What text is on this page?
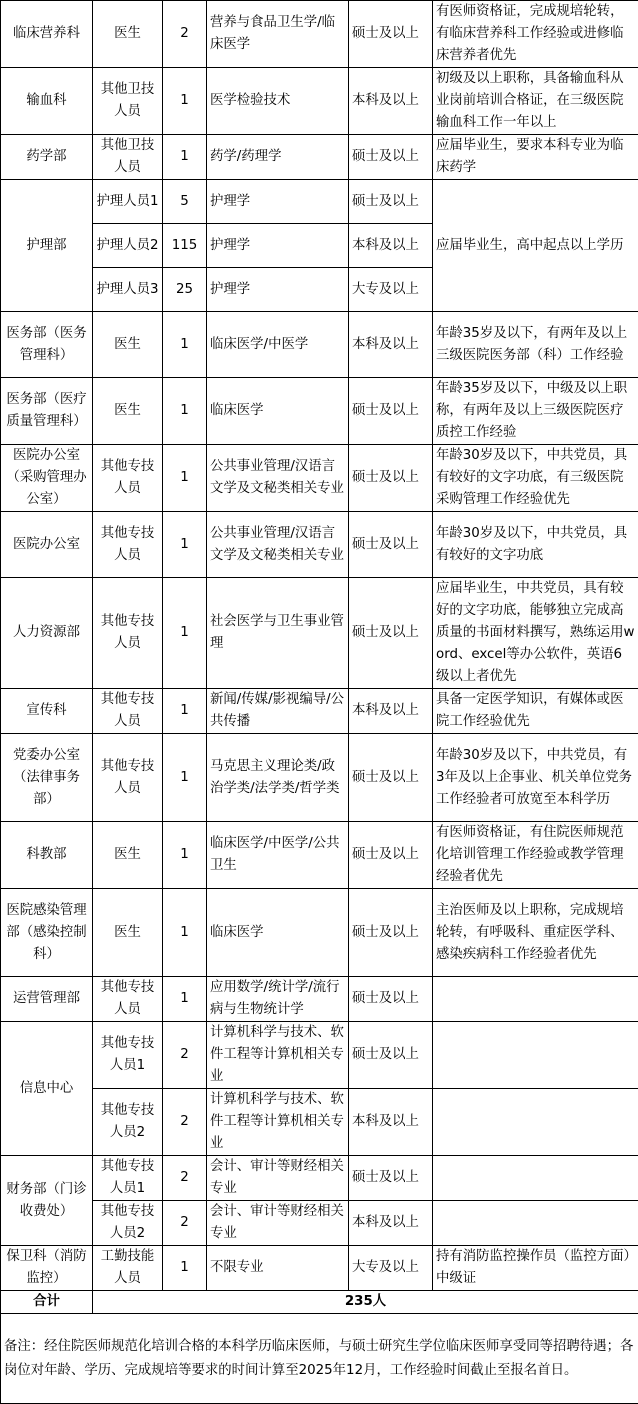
临床营养科	医生	2	营养与食品卫生学/临床医学	硕士及以上	有医师资格证，完成规培轮转，有临床营养科工作经验或进修临床营养者优先
输血科	其他卫技人员	1	医学检验技术	本科及以上	初级及以上职称，具备输血科从业岗前培训合格证，在三级医院输血科工作一年以上
药学部	其他卫技人员	1	药学/药理学	硕士及以上	应届毕业生，要求本科专业为临床药学
护理部	护理人员1	5	护理学	硕士及以上	应届毕业生，高中起点以上学历
	护理人员2	115	护理学	本科及以上	
	护理人员3	25	护理学	大专及以上	
医务部（医务管理科）	医生	1	临床医学/中医学	本科及以上	年龄35岁及以下，有两年及以上三级医院医务部（科）工作经验
医务部（医疗质量管理科）	医生	1	临床医学	硕士及以上	年龄35岁及以下，中级及以上职称，有两年及以上三级医院医疗质控工作经验
医院办公室（采购管理办公室）	其他专技人员	1	公共事业管理/汉语言文学及文秘类相关专业	硕士及以上	年龄30岁及以下，中共党员，具有较好的文字功底，有三级医院采购管理工作经验优先
医院办公室	其他专技人员	1	公共事业管理/汉语言文学及文秘类相关专业	硕士及以上	年龄30岁及以下，中共党员，具有较好的文字功底
人力资源部	其他专技人员	1	社会医学与卫生事业管理	硕士及以上	应届毕业生，中共党员，具有较好的文字功底，能够独立完成高质量的书面材料撰写，熟练运用word、excel等办公软件，英语6级以上者优先
宣传科	其他专技人员	1	新闻/传媒/影视编导/公共传播	本科及以上	具备一定医学知识，有媒体或医院工作经验优先
党委办公室（法律事务部）	其他专技人员	1	马克思主义理论类/政治学类/法学类/哲学类	硕士及以上	年龄30岁及以下，中共党员，有3年及以上企事业、机关单位党务工作经验者可放宽至本科学历
科教部	医生	1	临床医学/中医学/公共卫生	硕士及以上	有医师资格证，有住院医师规范化培训管理工作经验或教学管理经验者优先
医院感染管理部（感染控制科）	医生	1	临床医学	硕士及以上	主治医师及以上职称，完成规培轮转，有呼吸科、重症医学科、感染疾病科工作经验者优先
运营管理部	其他专技人员	1	应用数学/统计学/流行病与生物统计学	硕士及以上	
信息中心	其他专技人员1	2	计算机科学与技术、软件工程等计算机相关专业	硕士及以上	
	其他专技人员2	2	计算机科学与技术、软件工程等计算机相关专业	本科及以上	
财务部（门诊收费处）	其他专技人员1	2	会计、审计等财经相关专业	硕士及以上	
	其他专技人员2	2	会计、审计等财经相关专业	本科及以上	
保卫科（消防监控）	工勤技能人员	1	不限专业	大专及以上	持有消防监控操作员（监控方面）中级证
合计	235人				
备注：经住院医师规范化培训合格的本科学历临床医师，与硕士研究生学位临床医师享受同等招聘待遇；各岗位对年龄、学历、完成规培等要求的时间计算至2025年12月，工作经验时间截止至报名首日。					
